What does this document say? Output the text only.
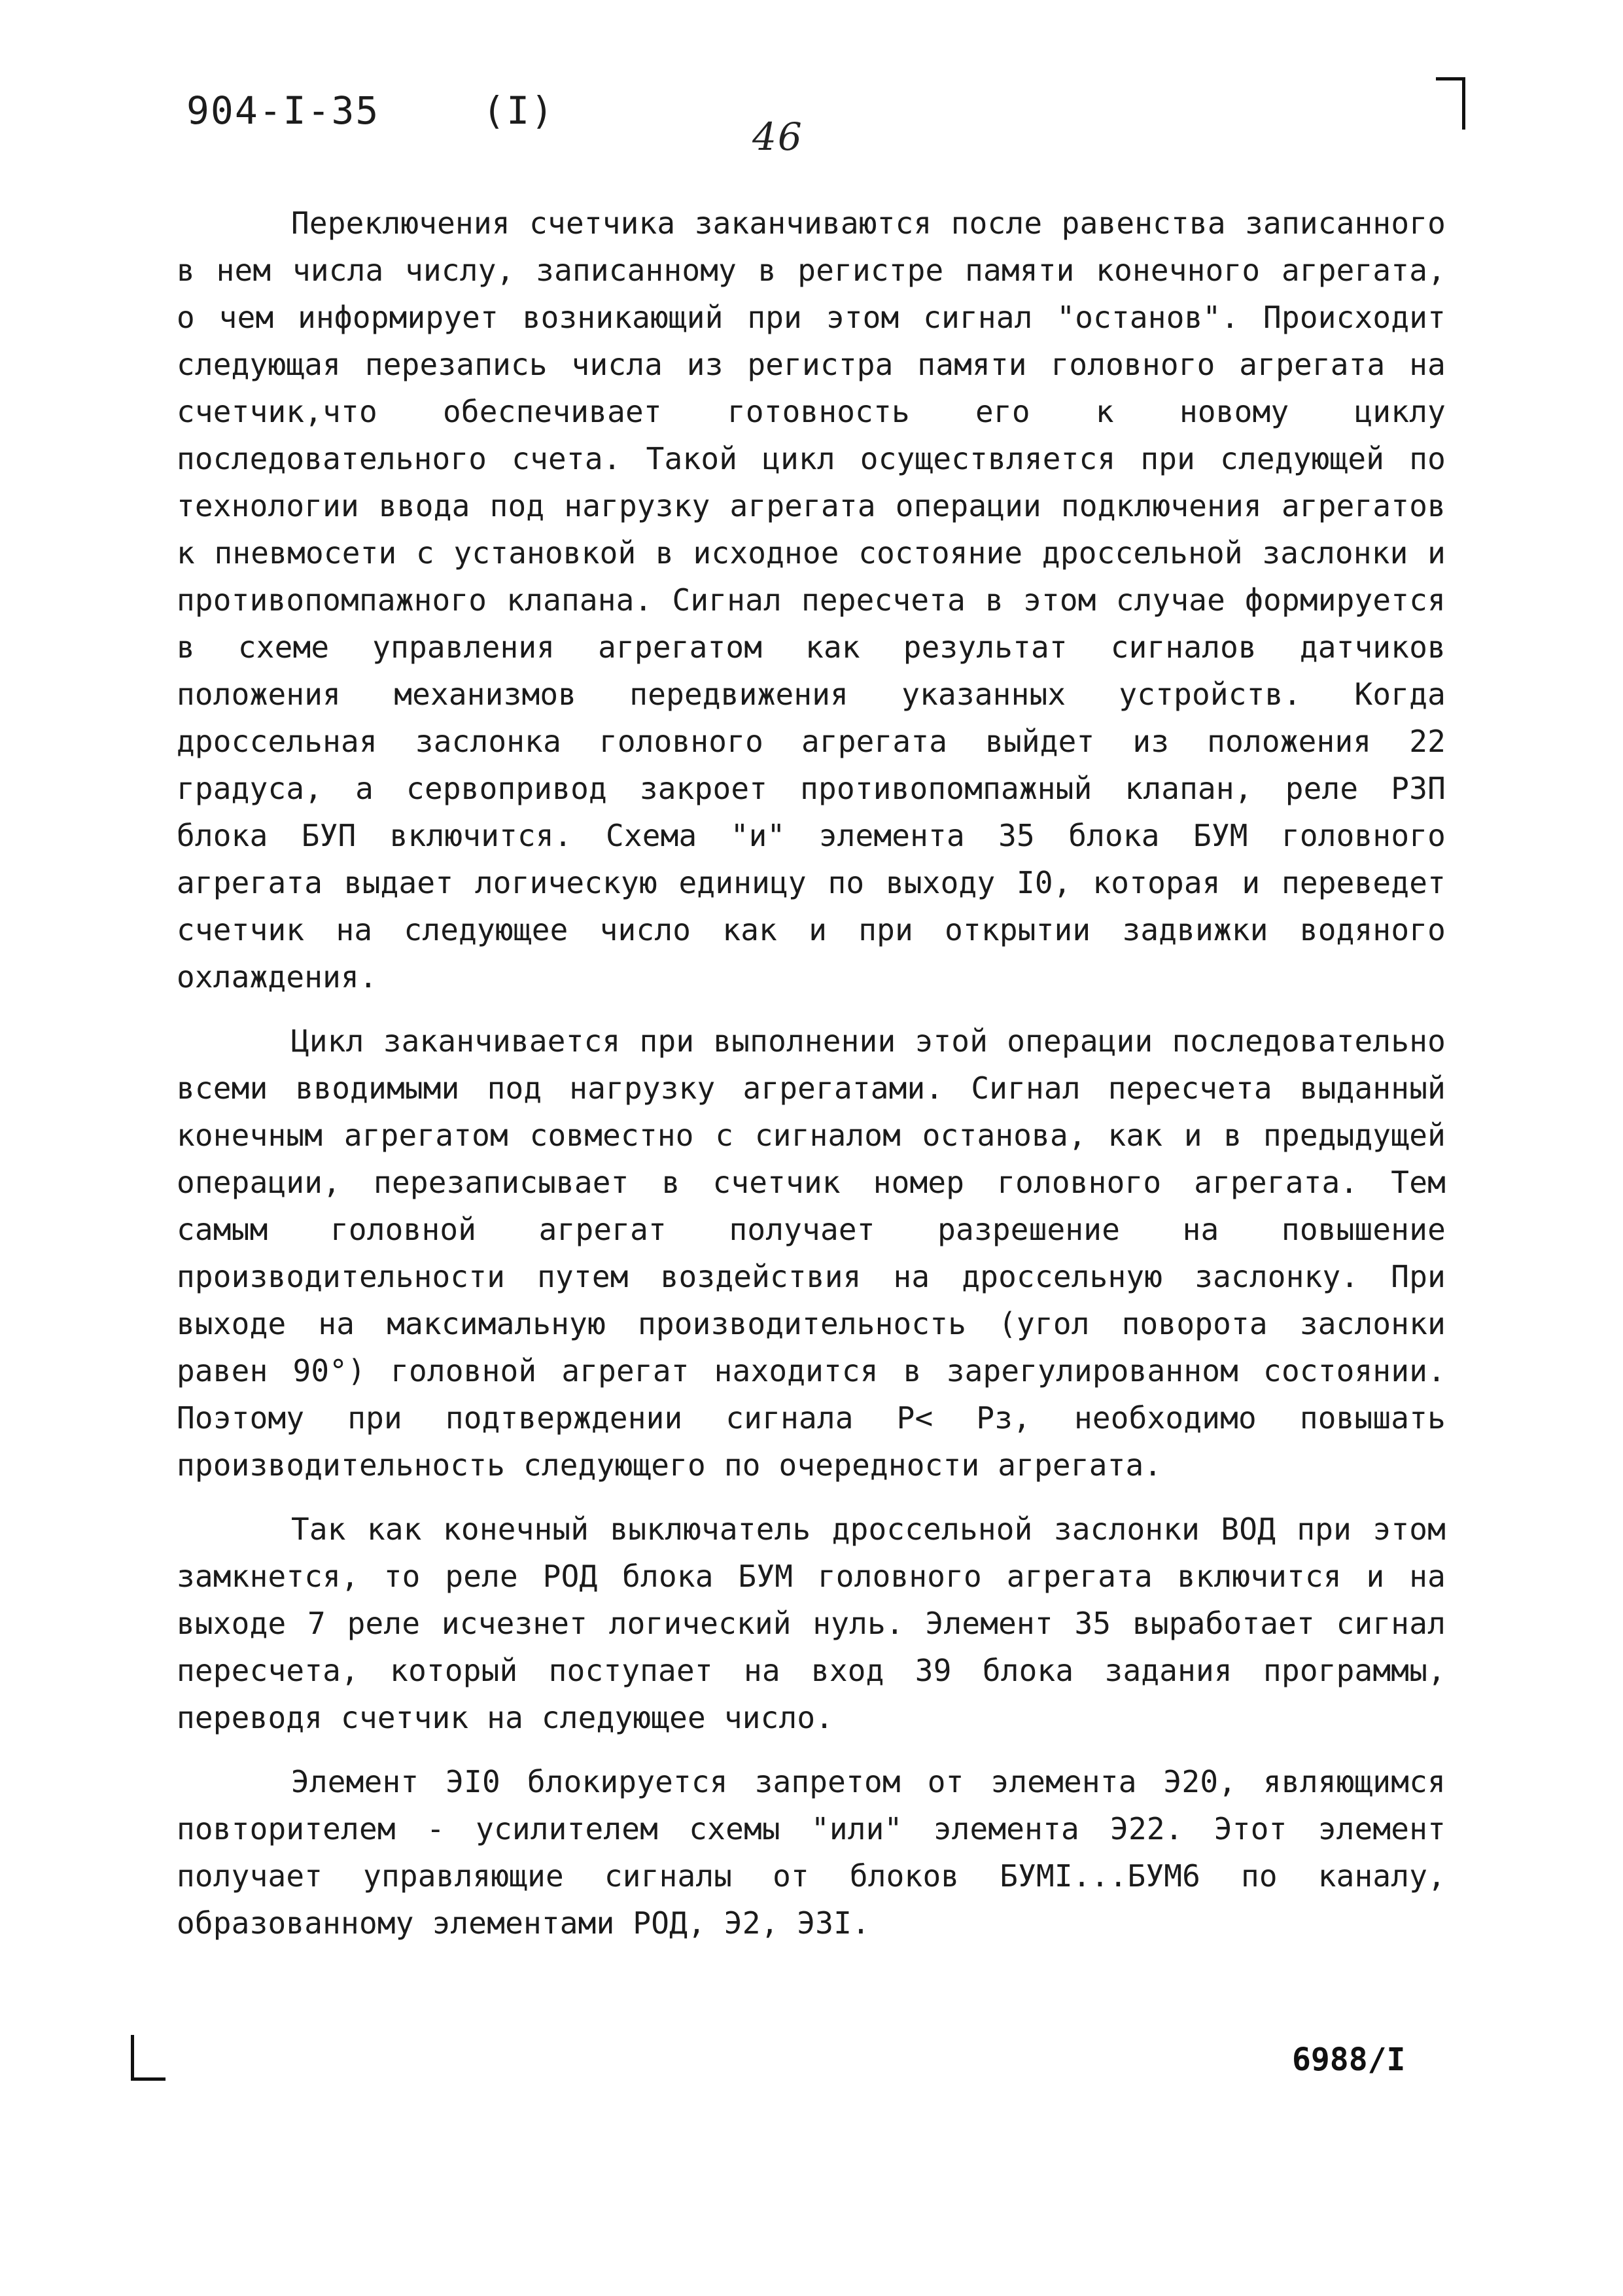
904-I-35	(I)
46

Переключения счетчика заканчиваются после равенства записанного в нем числа числу, записанному в регистре памяти конечного агрегата, о чем информирует возникающий при этом сигнал "останов". Происходит следующая перезапись числа из регистра памяти головного агрегата на счетчик,что обеспечивает готовность его к новому циклу последовательного счета. Такой цикл осуществляется при следующей по технологии ввода под нагрузку агрегата операции подключения агрегатов к пневмосети с установкой в исходное состояние дроссельной заслонки и противопомпажного клапана. Сигнал пересчета в этом случае формируется в схеме управления агрегатом как результат сигналов датчиков положения механизмов передвижения указанных устройств. Когда дроссельная заслонка головного агрегата выйдет из положения 22 градуса, а сервопривод закроет противопомпажный клапан, реле РЗП блока БУП включится. Схема "и" элемента 35 блока БУМ головного агрегата выдает логическую единицу по выходу I0, которая и переведет счетчик на следующее число как и при открытии задвижки водяного охлаждения.

Цикл заканчивается при выполнении этой операции последовательно всеми вводимыми под нагрузку агрегатами. Сигнал пересчета выданный конечным агрегатом совместно с сигналом останова, как и в предыдущей операции, перезаписывает в счетчик номер головного агрегата. Тем самым головной агрегат получает разрешение на повышение производительности путем воздействия на дроссельную заслонку. При выходе на максимальную производительность (угол поворота заслонки равен 90°) головной агрегат находится в зарегулированном состоянии. Поэтому при подтверждении сигнала P< Pз, необходимо повышать производительность следующего по очередности агрегата.

Так как конечный выключатель дроссельной заслонки ВОД при этом замкнется, то реле РОД блока БУМ головного агрегата включится и на выходе 7 реле исчезнет логический нуль. Элемент 35 выработает сигнал пересчета, который поступает на вход 39 блока задания программы, переводя счетчик на следующее число.

Элемент ЭI0 блокируется запретом от элемента Э20, являющимся повторителем - усилителем схемы "или" элемента Э22. Этот элемент получает управляющие сигналы от блоков БУМI...БУМ6 по каналу, образованному элементами РОД, Э2, Э3I.

6988/I
